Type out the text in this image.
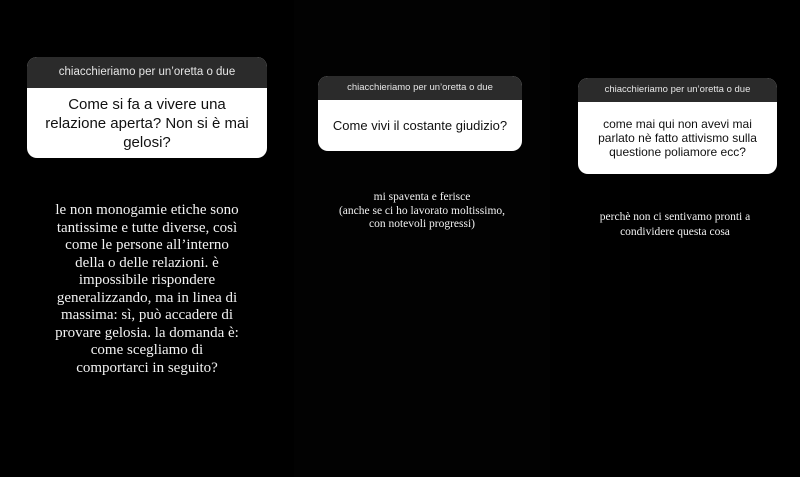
chiacchieriamo per un’oretta o due
Come si fa a vivere una relazione aperta? Non si è mai gelosi?
le non monogamie etiche sono
tantissime e tutte diverse, così
come le persone all’interno
della o delle relazioni. è
impossibile rispondere
generalizzando, ma in linea di
massima: sì, può accadere di
provare gelosia. la domanda è:
come scegliamo di
comportarci in seguito?
chiacchieriamo per un’oretta o due
Come vivi il costante giudizio?
mi spaventa e ferisce
(anche se ci ho lavorato moltissimo,
con notevoli progressi)
chiacchieriamo per un’oretta o due
come mai qui non avevi mai parlato nè fatto attivismo sulla questione poliamore ecc?
perchè non ci sentivamo pronti a
condividere questa cosa
